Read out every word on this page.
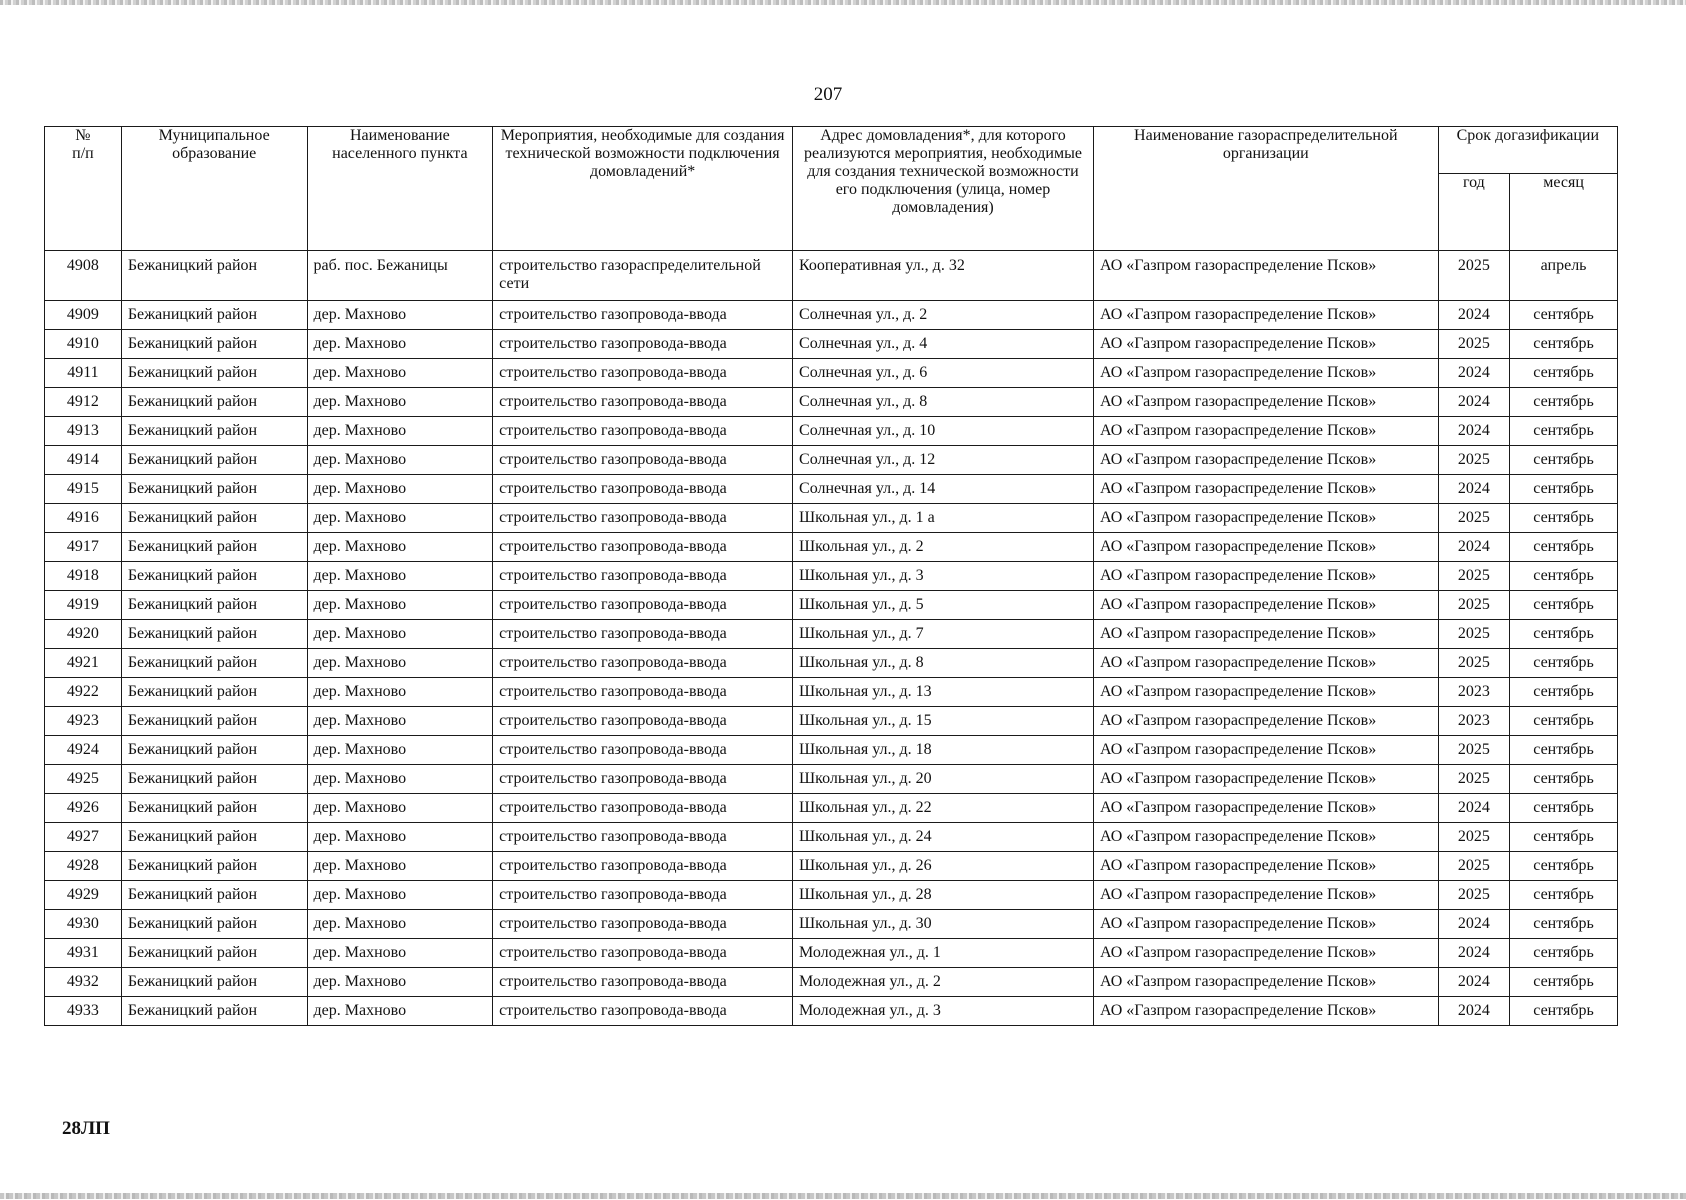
207
№
п/п	Муниципальное образование	Наименование населенного пункта	Мероприятия, необходимые для создания технической возможности подключения домовладений*	Адрес домовладения*, для которого реализуются мероприятия, необходимые для создания технической возможности его подключения (улица, номер домовладения)	Наименование газораспределительной организации	Срок догазификации	
						год	месяц
4908	Бежаницкий район	раб. пос. Бежаницы	строительство газораспределительной сети	Кооперативная ул., д. 32	АО «Газпром газораспределение Псков»	2025	апрель
4909	Бежаницкий район	дер. Махново	строительство газопровода-ввода	Солнечная ул., д. 2	АО «Газпром газораспределение Псков»	2024	сентябрь
4910	Бежаницкий район	дер. Махново	строительство газопровода-ввода	Солнечная ул., д. 4	АО «Газпром газораспределение Псков»	2025	сентябрь
4911	Бежаницкий район	дер. Махново	строительство газопровода-ввода	Солнечная ул., д. 6	АО «Газпром газораспределение Псков»	2024	сентябрь
4912	Бежаницкий район	дер. Махново	строительство газопровода-ввода	Солнечная ул., д. 8	АО «Газпром газораспределение Псков»	2024	сентябрь
4913	Бежаницкий район	дер. Махново	строительство газопровода-ввода	Солнечная ул., д. 10	АО «Газпром газораспределение Псков»	2024	сентябрь
4914	Бежаницкий район	дер. Махново	строительство газопровода-ввода	Солнечная ул., д. 12	АО «Газпром газораспределение Псков»	2025	сентябрь
4915	Бежаницкий район	дер. Махново	строительство газопровода-ввода	Солнечная ул., д. 14	АО «Газпром газораспределение Псков»	2024	сентябрь
4916	Бежаницкий район	дер. Махново	строительство газопровода-ввода	Школьная ул., д. 1 а	АО «Газпром газораспределение Псков»	2025	сентябрь
4917	Бежаницкий район	дер. Махново	строительство газопровода-ввода	Школьная ул., д. 2	АО «Газпром газораспределение Псков»	2024	сентябрь
4918	Бежаницкий район	дер. Махново	строительство газопровода-ввода	Школьная ул., д. 3	АО «Газпром газораспределение Псков»	2025	сентябрь
4919	Бежаницкий район	дер. Махново	строительство газопровода-ввода	Школьная ул., д. 5	АО «Газпром газораспределение Псков»	2025	сентябрь
4920	Бежаницкий район	дер. Махново	строительство газопровода-ввода	Школьная ул., д. 7	АО «Газпром газораспределение Псков»	2025	сентябрь
4921	Бежаницкий район	дер. Махново	строительство газопровода-ввода	Школьная ул., д. 8	АО «Газпром газораспределение Псков»	2025	сентябрь
4922	Бежаницкий район	дер. Махново	строительство газопровода-ввода	Школьная ул., д. 13	АО «Газпром газораспределение Псков»	2023	сентябрь
4923	Бежаницкий район	дер. Махново	строительство газопровода-ввода	Школьная ул., д. 15	АО «Газпром газораспределение Псков»	2023	сентябрь
4924	Бежаницкий район	дер. Махново	строительство газопровода-ввода	Школьная ул., д. 18	АО «Газпром газораспределение Псков»	2025	сентябрь
4925	Бежаницкий район	дер. Махново	строительство газопровода-ввода	Школьная ул., д. 20	АО «Газпром газораспределение Псков»	2025	сентябрь
4926	Бежаницкий район	дер. Махново	строительство газопровода-ввода	Школьная ул., д. 22	АО «Газпром газораспределение Псков»	2024	сентябрь
4927	Бежаницкий район	дер. Махново	строительство газопровода-ввода	Школьная ул., д. 24	АО «Газпром газораспределение Псков»	2025	сентябрь
4928	Бежаницкий район	дер. Махново	строительство газопровода-ввода	Школьная ул., д. 26	АО «Газпром газораспределение Псков»	2025	сентябрь
4929	Бежаницкий район	дер. Махново	строительство газопровода-ввода	Школьная ул., д. 28	АО «Газпром газораспределение Псков»	2025	сентябрь
4930	Бежаницкий район	дер. Махново	строительство газопровода-ввода	Школьная ул., д. 30	АО «Газпром газораспределение Псков»	2024	сентябрь
4931	Бежаницкий район	дер. Махново	строительство газопровода-ввода	Молодежная ул., д. 1	АО «Газпром газораспределение Псков»	2024	сентябрь
4932	Бежаницкий район	дер. Махново	строительство газопровода-ввода	Молодежная ул., д. 2	АО «Газпром газораспределение Псков»	2024	сентябрь
4933	Бежаницкий район	дер. Махново	строительство газопровода-ввода	Молодежная ул., д. 3	АО «Газпром газораспределение Псков»	2024	сентябрь
28ЛП
